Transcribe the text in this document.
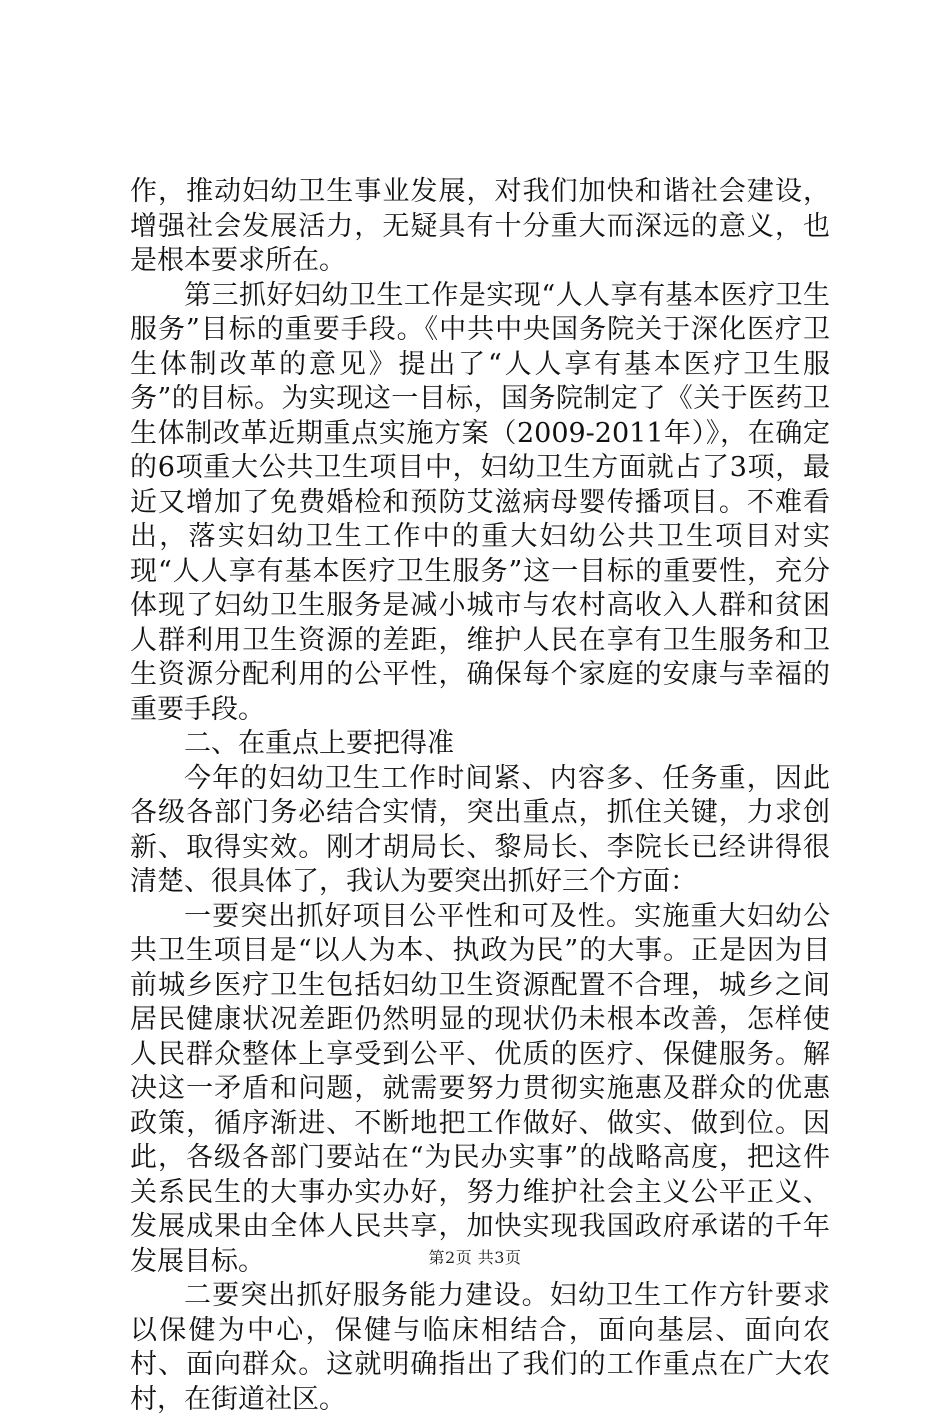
作，推动妇幼卫生事业发展，对我们加快和谐社会建设，增强社会发展活力，无疑具有十分重大而深远的意义，也是根本要求所在。

第三抓好妇幼卫生工作是实现“人人享有基本医疗卫生服务”目标的重要手段。《中共中央国务院关于深化医疗卫生体制改革的意见》提出了“人人享有基本医疗卫生服务”的目标。为实现这一目标，国务院制定了《关于医药卫生体制改革近期重点实施方案（2009-2011年）》，在确定的6项重大公共卫生项目中，妇幼卫生方面就占了3项，最近又增加了免费婚检和预防艾滋病母婴传播项目。不难看出，落实妇幼卫生工作中的重大妇幼公共卫生项目对实现“人人享有基本医疗卫生服务”这一目标的重要性，充分体现了妇幼卫生服务是减小城市与农村高收入人群和贫困人群利用卫生资源的差距，维护人民在享有卫生服务和卫生资源分配利用的公平性，确保每个家庭的安康与幸福的重要手段。

二、在重点上要把得准

今年的妇幼卫生工作时间紧、内容多、任务重，因此各级各部门务必结合实情，突出重点，抓住关键，力求创新、取得实效。刚才胡局长、黎局长、李院长已经讲得很清楚、很具体了，我认为要突出抓好三个方面：

一要突出抓好项目公平性和可及性。实施重大妇幼公共卫生项目是“以人为本、执政为民”的大事。正是因为目前城乡医疗卫生包括妇幼卫生资源配置不合理，城乡之间居民健康状况差距仍然明显的现状仍未根本改善，怎样使人民群众整体上享受到公平、优质的医疗、保健服务。解决这一矛盾和问题，就需要努力贯彻实施惠及群众的优惠政策，循序渐进、不断地把工作做好、做实、做到位。因此，各级各部门要站在“为民办实事”的战略高度，把这件关系民生的大事办实办好，努力维护社会主义公平正义、发展成果由全体人民共享，加快实现我国政府承诺的千年发展目标。

二要突出抓好服务能力建设。妇幼卫生工作方针要求以保健为中心，保健与临床相结合，面向基层、面向农村、面向群众。这就明确指出了我们的工作重点在广大农村，在街道社区。

第2页 共3页
